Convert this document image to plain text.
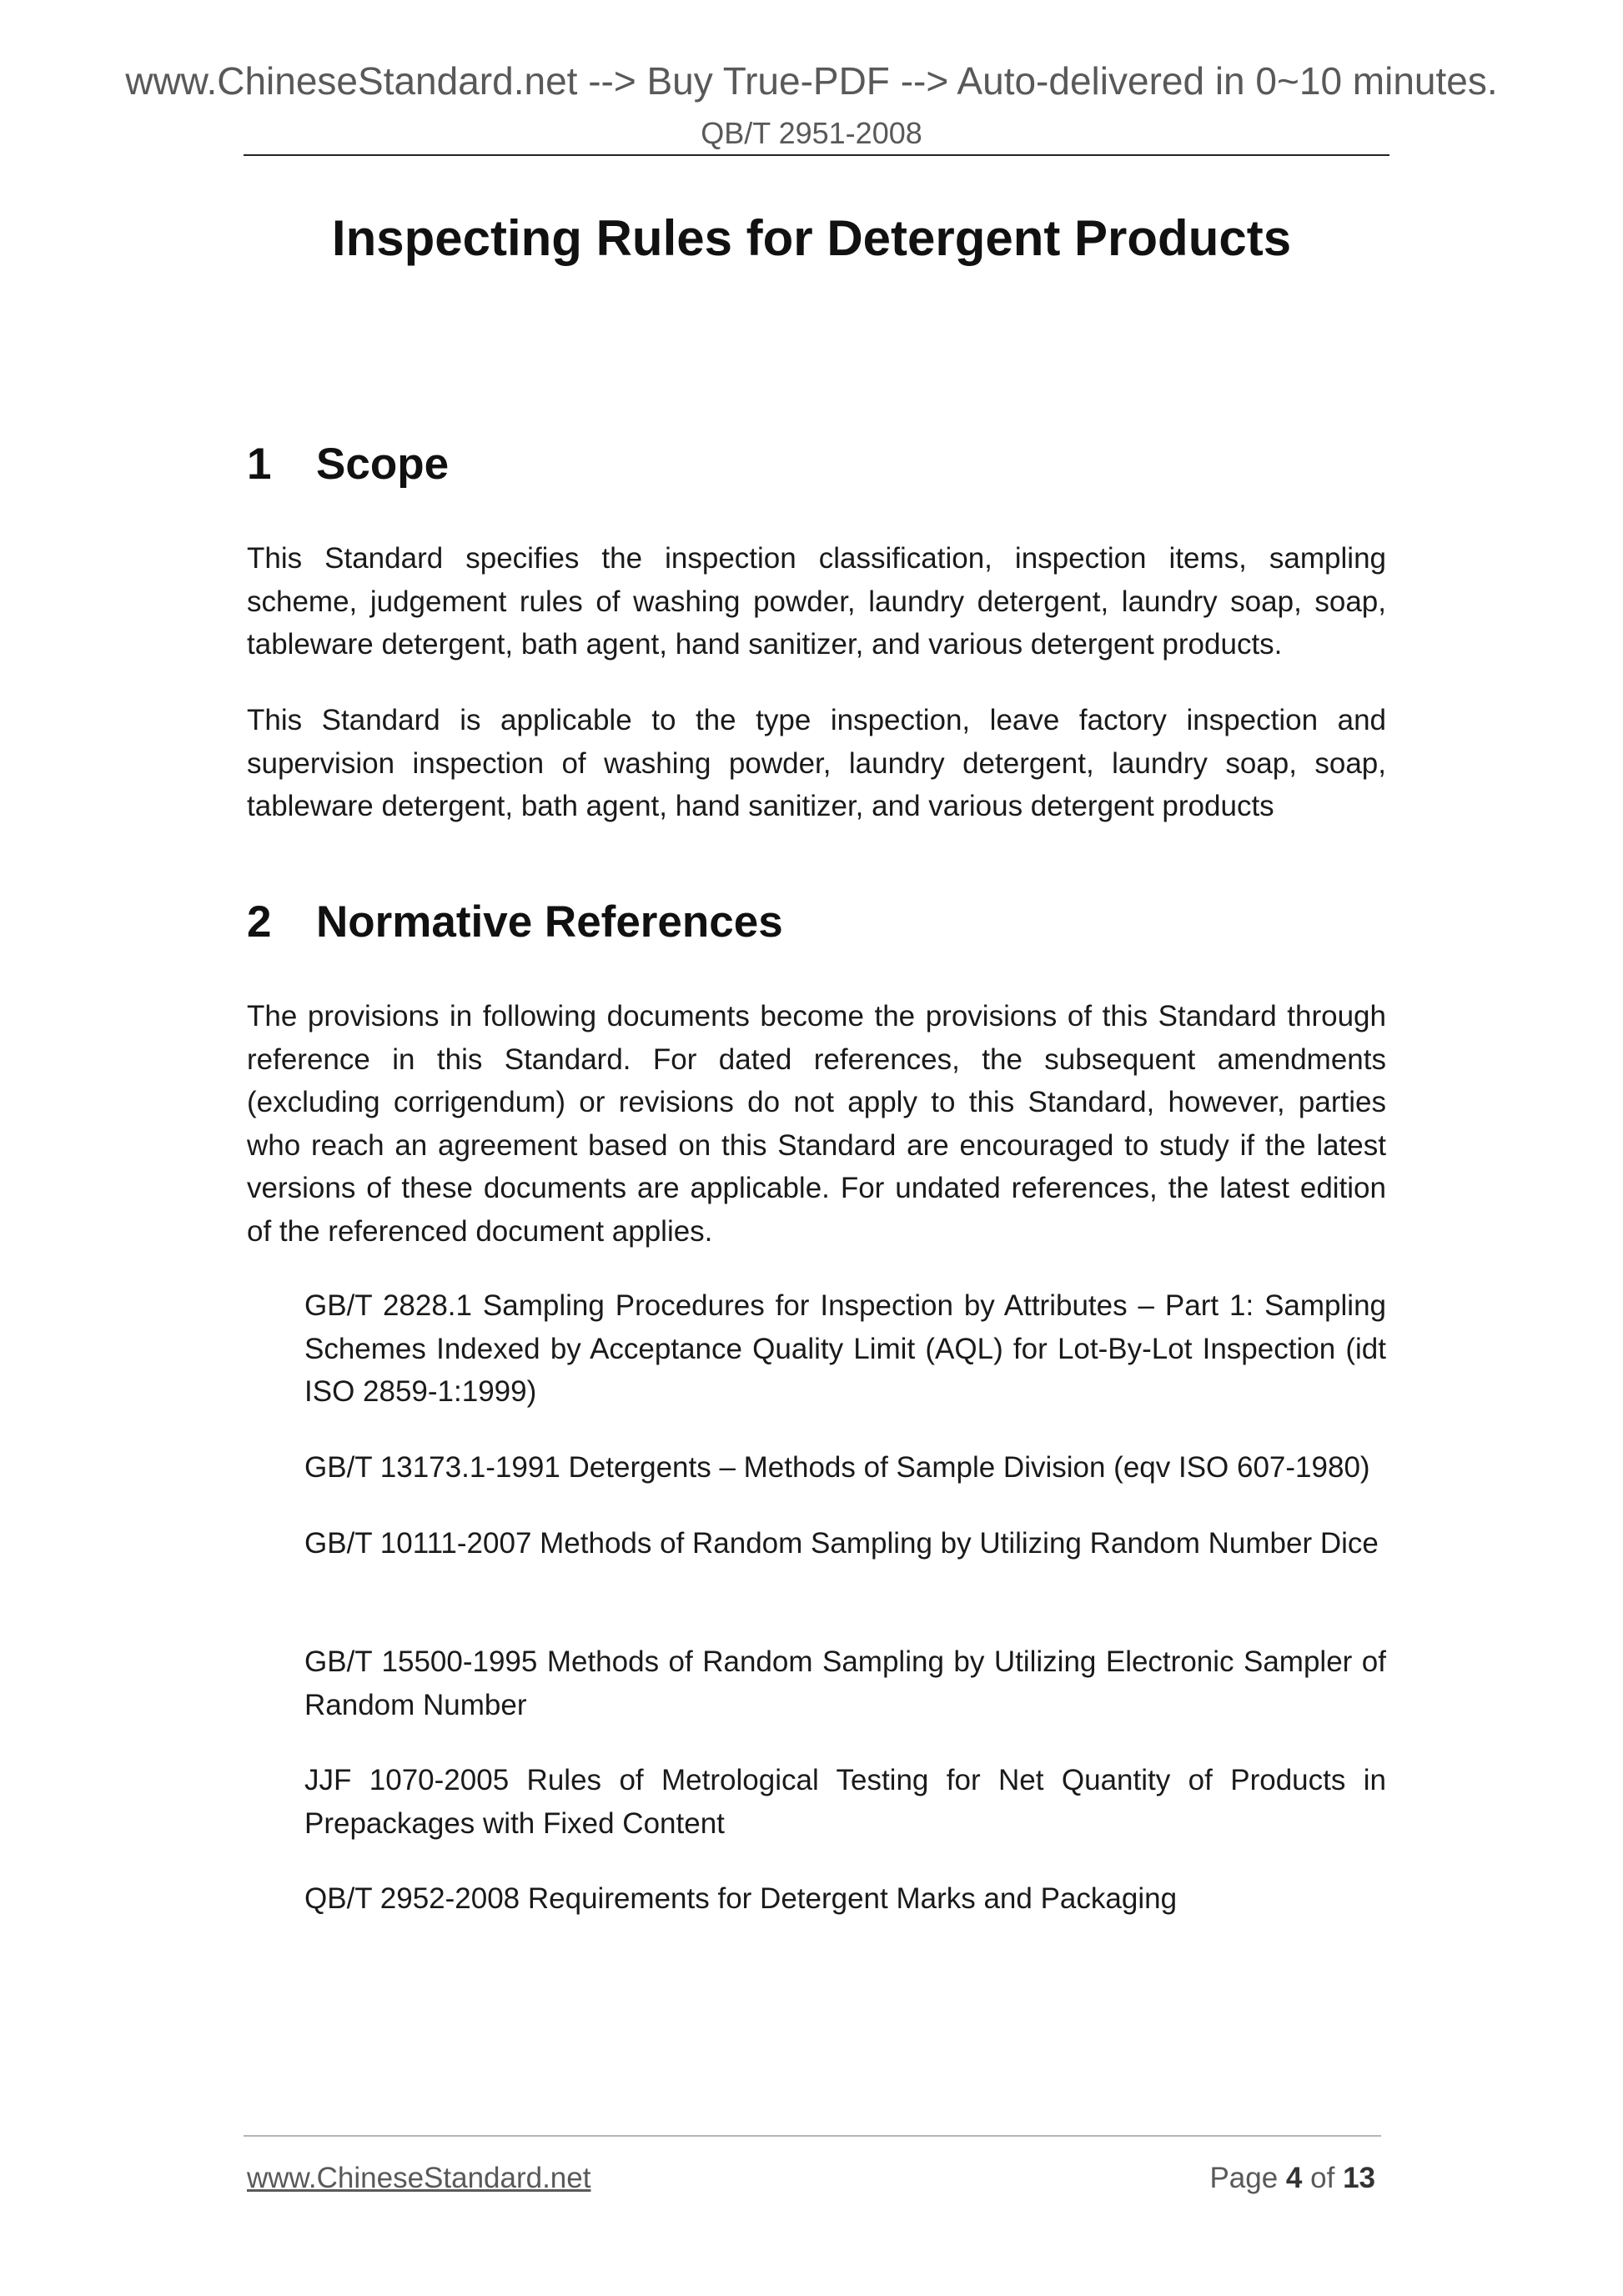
www.ChineseStandard.net --> Buy True-PDF --> Auto-delivered in 0~10 minutes.
QB/T 2951-2008
Inspecting Rules for Detergent Products
1 Scope

This Standard specifies the inspection classification, inspection items, sampling scheme, judgement rules of washing powder, laundry detergent, laundry soap, soap, tableware detergent, bath agent, hand sanitizer, and various detergent products.

This Standard is applicable to the type inspection, leave factory inspection and supervision inspection of washing powder, laundry detergent, laundry soap, soap, tableware detergent, bath agent, hand sanitizer, and various detergent products

2 Normative References

The provisions in following documents become the provisions of this Standard through reference in this Standard. For dated references, the subsequent amendments (excluding corrigendum) or revisions do not apply to this Standard, however, parties who reach an agreement based on this Standard are encouraged to study if the latest versions of these documents are applicable. For undated references, the latest edition of the referenced document applies.

GB/T 2828.1 Sampling Procedures for Inspection by Attributes – Part 1: Sampling Schemes Indexed by Acceptance Quality Limit (AQL) for Lot-By-Lot Inspection (idt ISO 2859-1:1999)

GB/T 13173.1-1991 Detergents – Methods of Sample Division (eqv ISO 607-1980)

GB/T 10111-2007 Methods of Random Sampling by Utilizing Random Number Dice

GB/T 15500-1995 Methods of Random Sampling by Utilizing Electronic Sampler of Random Number

JJF 1070-2005 Rules of Metrological Testing for Net Quantity of Products in Prepackages with Fixed Content

QB/T 2952-2008 Requirements for Detergent Marks and Packaging

www.ChineseStandard.net	Page 4 of 13
